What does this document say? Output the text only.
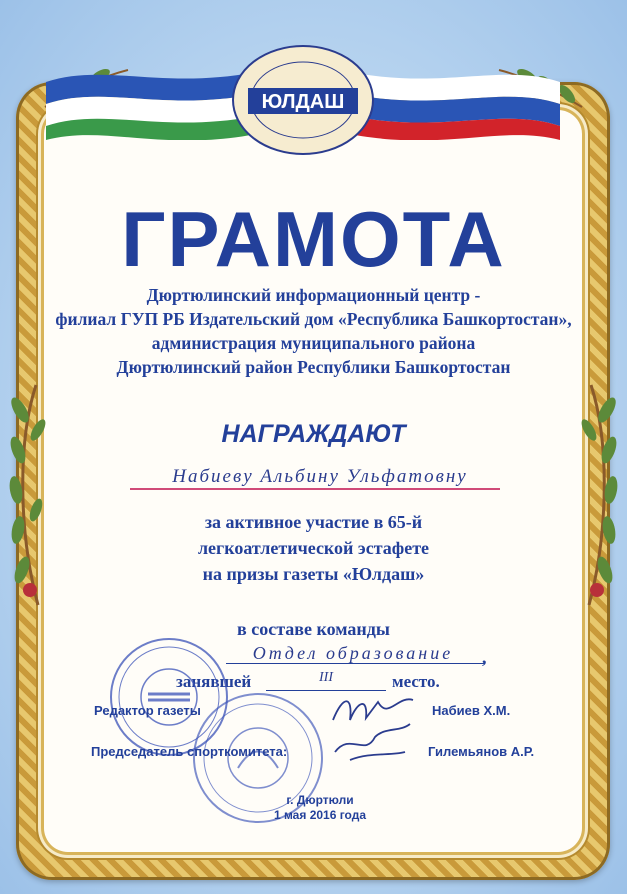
ЮЛДАШ
ГРАМОТА
Дюртюлинский информационный центр -
филиал ГУП РБ Издательский дом «Республика Башкортостан»,
администрация муниципального района
Дюртюлинский район Республики Башкортостан
НАГРАЖДАЮТ
Набиеву Альбину Ульфатовну
за активное участие в 65-й
легкоатлетической эстафете
на призы газеты «Юлдаш»
в составе команды
Отдел образование	,
занявшей	III	место.
Редактор газеты	Набиев Х.М.
Председатель спорткомитета:	Гилемьянов А.Р.
г. Дюртюли
1 мая 2016 года
